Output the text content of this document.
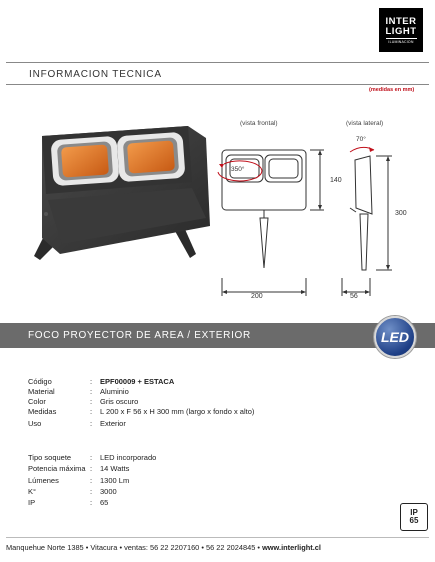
INTER
LIGHT
ILUMINACION
INFORMACION TECNICA
(medidas en mm)
(vista frontal)	(vista lateral)
350°
70°
140
300
200	56
FOCO PROYECTOR DE AREA / EXTERIOR	LED
Código	:	EPF00009 + ESTACA
Material	:	Aluminio
Color	:	Gris oscuro
Medidas	:	L 200 x F 56 x H 300 mm (largo x fondo x alto)
Uso	:	Exterior
Tipo soquete	:	LED incorporado
Potencia máxima :	14 Watts
Lúmenes	:	1300 Lm
K°	:	3000
IP	:	65
IP
65
Manquehue Norte 1385 • Vitacura • ventas: 56 22 2207160 • 56 22 2024845 • www.interlight.cl
